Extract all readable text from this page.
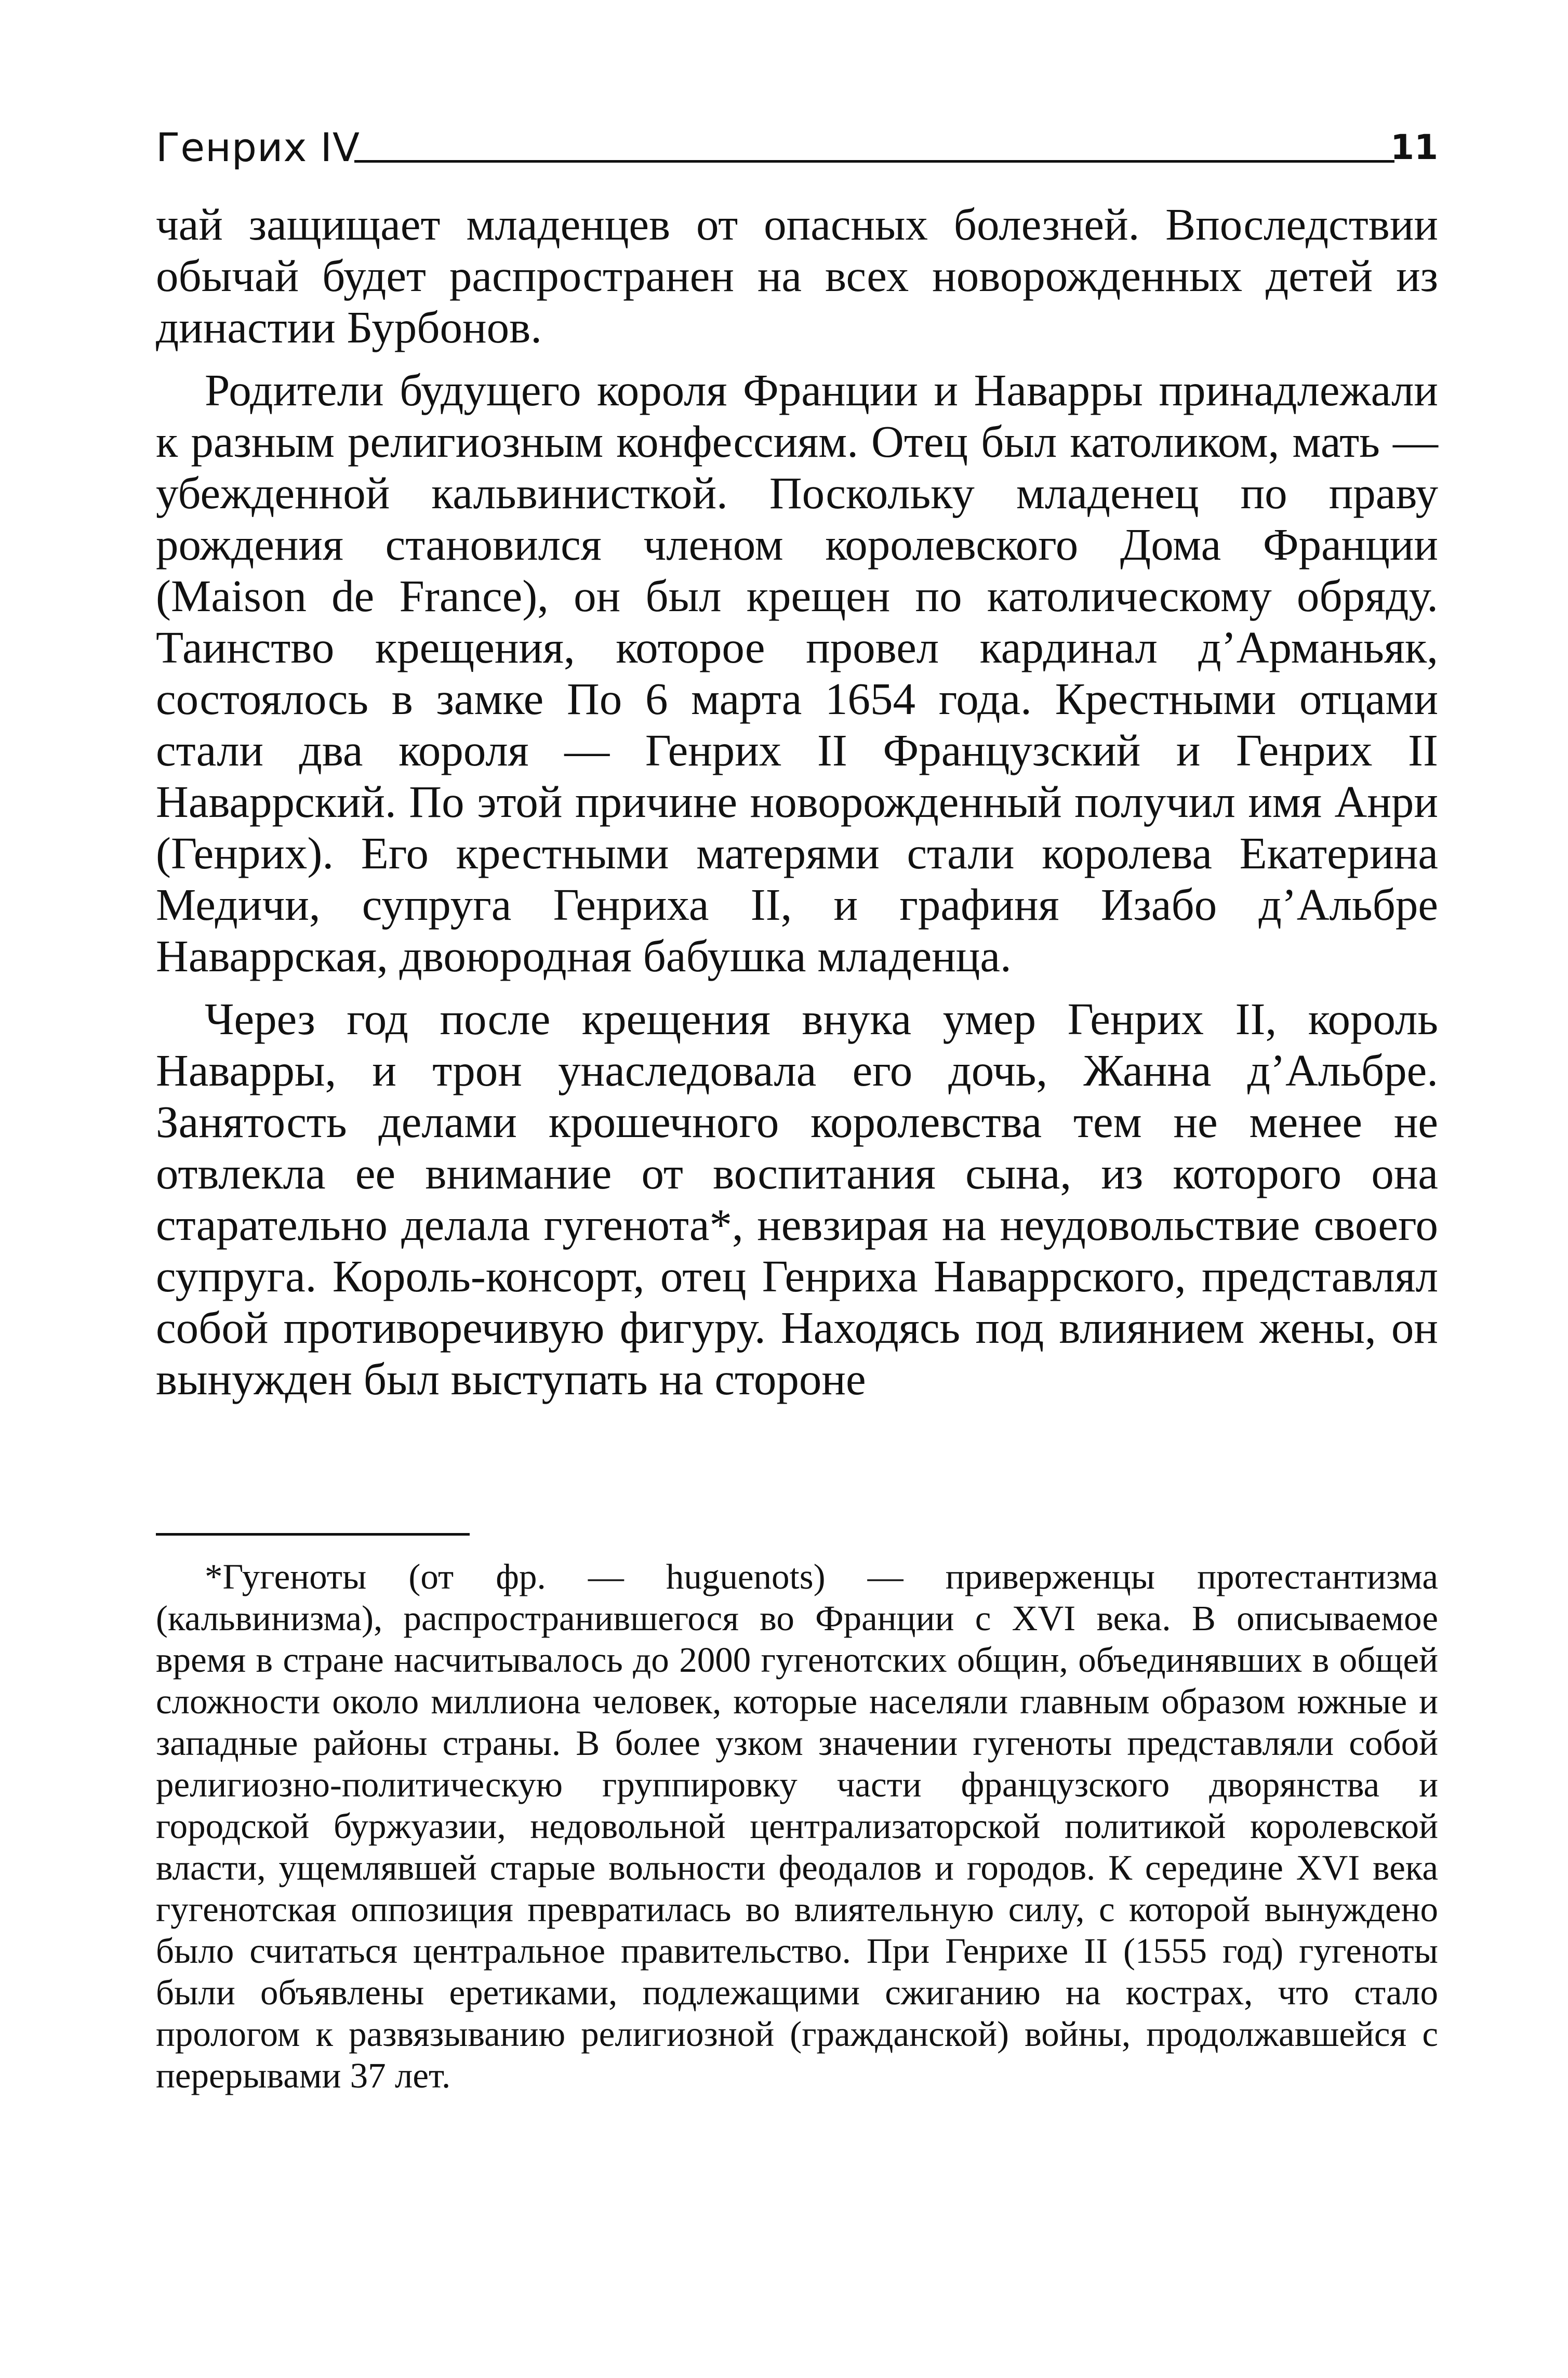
Генрих IV	11

чай защищает младенцев от опасных болезней. Впоследствии обычай будет распространен на всех новорожденных детей из династии Бурбонов.

Родители будущего короля Франции и Наварры принадлежали к разным религиозным конфессиям. Отец был католиком, мать — убежденной кальвинисткой. Поскольку младенец по праву рождения становился членом королевского Дома Франции (Maison de France), он был крещен по католическому обряду. Таинство крещения, которое провел кардинал д’Арманьяк, состоялось в замке По 6 марта 1654 года. Крестными отцами стали два короля — Генрих II Французский и Генрих II Наваррский. По этой причине новорожденный получил имя Анри (Генрих). Его крестными матерями стали королева Екатерина Медичи, супруга Генриха II, и графиня Изабо д’Альбре Наваррская, двоюродная бабушка младенца.

Через год после крещения внука умер Генрих II, король Наварры, и трон унаследовала его дочь, Жанна д’Альбре. Занятость делами крошечного королевства тем не менее не отвлекла ее внимание от воспитания сына, из которого она старательно делала гугенота*, невзирая на неудовольствие своего супруга. Король-консорт, отец Генриха Наваррского, представлял собой противоречивую фигуру. Находясь под влиянием жены, он вынужден был выступать на стороне

*Гугеноты (от фр. — huguenots) — приверженцы протестантизма (кальвинизма), распространившегося во Франции с XVI века. В описываемое время в стране насчитывалось до 2000 гугенотских общин, объединявших в общей сложности около миллиона человек, которые населяли главным образом южные и западные районы страны. В более узком значении гугеноты представляли собой религиозно-политическую группировку части французского дворянства и городской буржуазии, недовольной централизаторской политикой королевской власти, ущемлявшей старые вольности феодалов и городов. К середине XVI века гугенотская оппозиция превратилась во влиятельную силу, с которой вынуждено было считаться центральное правительство. При Генрихе II (1555 год) гугеноты были объявлены еретиками, подлежащими сжиганию на кострах, что стало прологом к развязыванию религиозной (гражданской) войны, продолжавшейся с перерывами 37 лет.
